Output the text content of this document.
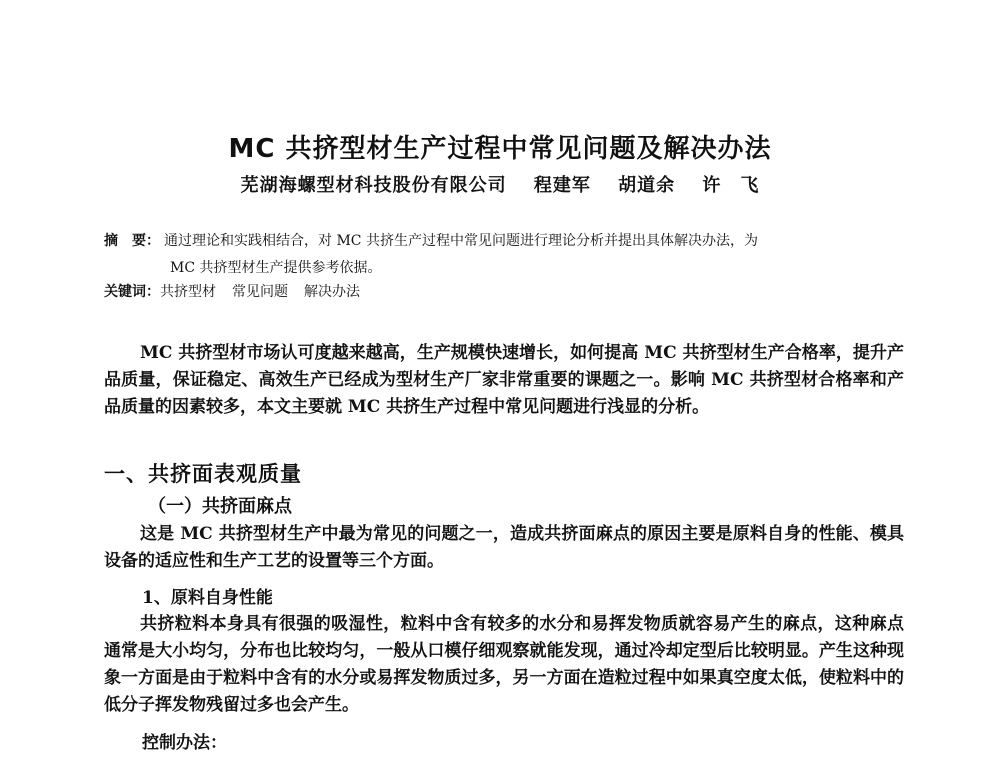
MC 共挤型材生产过程中常见问题及解决办法
芜湖海螺型材科技股份有限公司 程建军 胡道余 许　飞
摘　要： 通过理论和实践相结合，对 MC 共挤生产过程中常见问题进行理论分析并提出具体解决办法，为
MC 共挤型材生产提供参考依据。
关键词：共挤型材 常见问题 解决办法
MC 共挤型材市场认可度越来越高，生产规模快速增长，如何提高 MC 共挤型材生产合格率，提升产品质量，保证稳定、高效生产已经成为型材生产厂家非常重要的课题之一。影响 MC 共挤型材合格率和产品质量的因素较多，本文主要就 MC 共挤生产过程中常见问题进行浅显的分析。
一、共挤面表观质量
（一）共挤面麻点
这是 MC 共挤型材生产中最为常见的问题之一，造成共挤面麻点的原因主要是原料自身的性能、模具设备的适应性和生产工艺的设置等三个方面。
1、原料自身性能
共挤粒料本身具有很强的吸湿性，粒料中含有较多的水分和易挥发物质就容易产生的麻点，这种麻点通常是大小均匀，分布也比较均匀，一般从口模仔细观察就能发现，通过冷却定型后比较明显。产生这种现象一方面是由于粒料中含有的水分或易挥发物质过多，另一方面在造粒过程中如果真空度太低，使粒料中的低分子挥发物残留过多也会产生。
控制办法：
